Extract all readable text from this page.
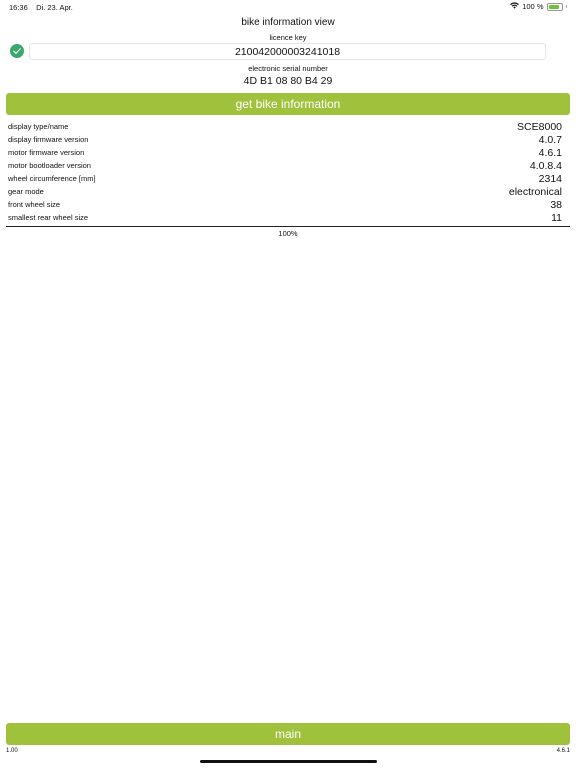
16:36 Di. 23. Apr.	100 %
bike information view
licence key
210042000003241018
electronic serial number
4D B1 08 80 B4 29
get bike information
display type/name	SCE8000
display firmware version	4.0.7
motor firmware version	4.6.1
motor bootloader version	4.0.8.4
wheel circumference [mm]	2314
gear mode	electronical
front wheel size	38
smallest rear wheel size	11
100%
main
1.00	4.6.1
